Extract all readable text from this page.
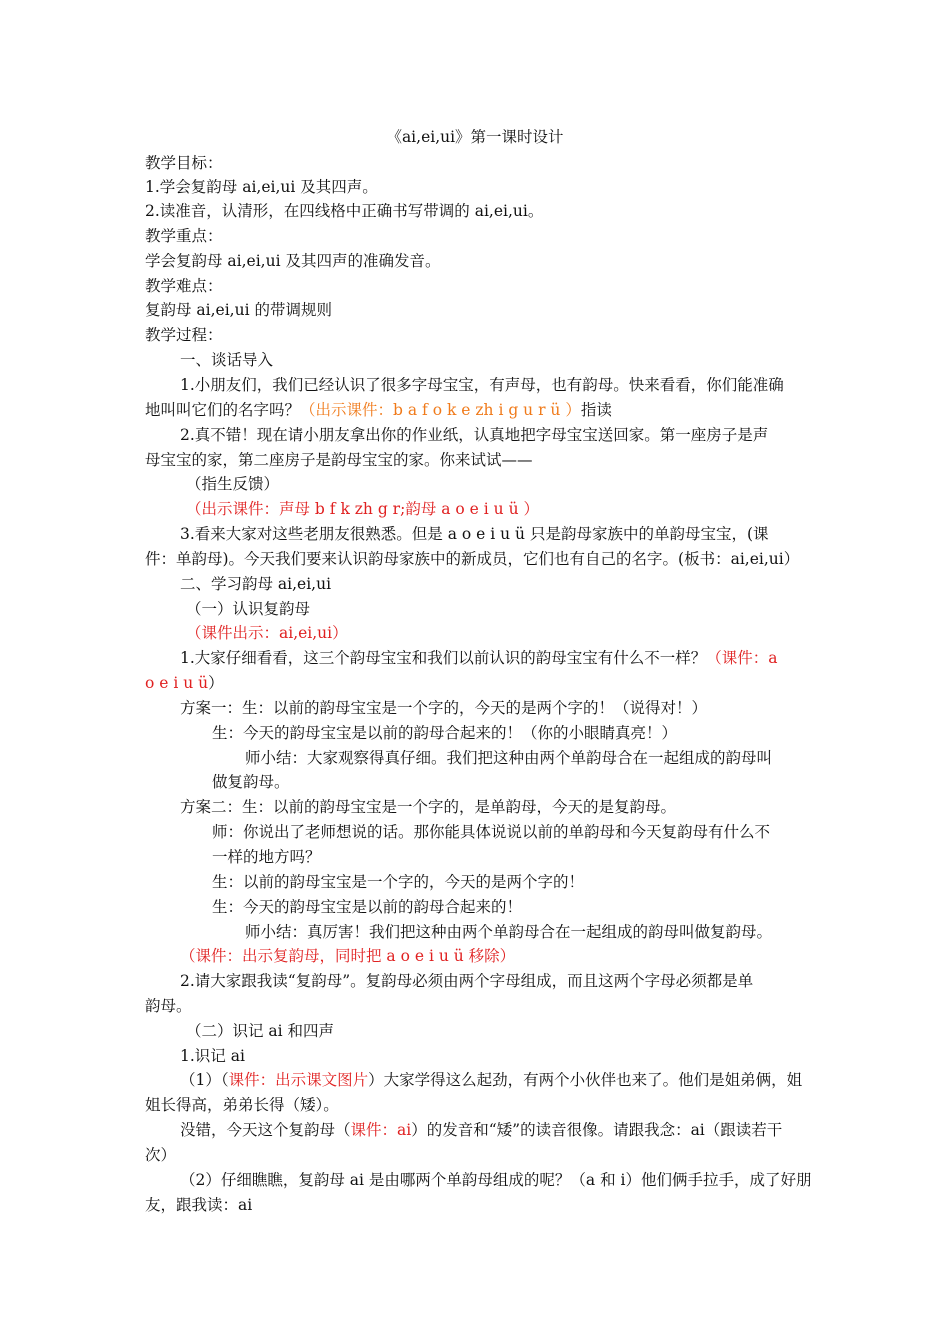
《ai,ei,ui》第一课时设计
教学目标：
1.学会复韵母 ai,ei,ui 及其四声。
2.读准音，认清形，在四线格中正确书写带调的 ai,ei,ui。
教学重点：
学会复韵母 ai,ei,ui 及其四声的准确发音。
教学难点：
复韵母 ai,ei,ui 的带调规则
教学过程：
一、谈话导入
1.小朋友们，我们已经认识了很多字母宝宝，有声母，也有韵母。快来看看，你们能准确
地叫叫它们的名字吗？（出示课件：b a f o k e zh i g u r ü ）指读
2.真不错！现在请小朋友拿出你的作业纸，认真地把字母宝宝送回家。第一座房子是声
母宝宝的家，第二座房子是韵母宝宝的家。你来试试——
（指生反馈）
（出示课件：声母 b f k zh g r;韵母 a o e i u ü ）
3.看来大家对这些老朋友很熟悉。但是 a o e i u ü 只是韵母家族中的单韵母宝宝，(课
件：单韵母)。今天我们要来认识韵母家族中的新成员，它们也有自己的名字。(板书：ai,ei,ui）
二、学习韵母 ai,ei,ui
（一）认识复韵母
（课件出示：ai,ei,ui）
1.大家仔细看看，这三个韵母宝宝和我们以前认识的韵母宝宝有什么不一样？（课件：a
o e i u ü）
方案一：生：以前的韵母宝宝是一个字的，今天的是两个字的！（说得对！）
生：今天的韵母宝宝是以前的韵母合起来的！（你的小眼睛真亮！）
师小结：大家观察得真仔细。我们把这种由两个单韵母合在一起组成的韵母叫
做复韵母。
方案二：生：以前的韵母宝宝是一个字的，是单韵母，今天的是复韵母。
师：你说出了老师想说的话。那你能具体说说以前的单韵母和今天复韵母有什么不
一样的地方吗？
生：以前的韵母宝宝是一个字的，今天的是两个字的！
生：今天的韵母宝宝是以前的韵母合起来的！
师小结：真厉害！我们把这种由两个单韵母合在一起组成的韵母叫做复韵母。
（课件：出示复韵母，同时把 a o e i u ü 移除）
2.请大家跟我读“复韵母”。复韵母必须由两个字母组成，而且这两个字母必须都是单
韵母。
（二）识记 ai 和四声
1.识记 ai
（1）（课件：出示课文图片）大家学得这么起劲，有两个小伙伴也来了。他们是姐弟俩，姐
姐长得高，弟弟长得（矮）。
没错，今天这个复韵母（课件：ai）的发音和“矮”的读音很像。请跟我念：ai（跟读若干
次）
（2）仔细瞧瞧，复韵母 ai 是由哪两个单韵母组成的呢？（a 和 i）他们俩手拉手，成了好朋
友，跟我读：ai
